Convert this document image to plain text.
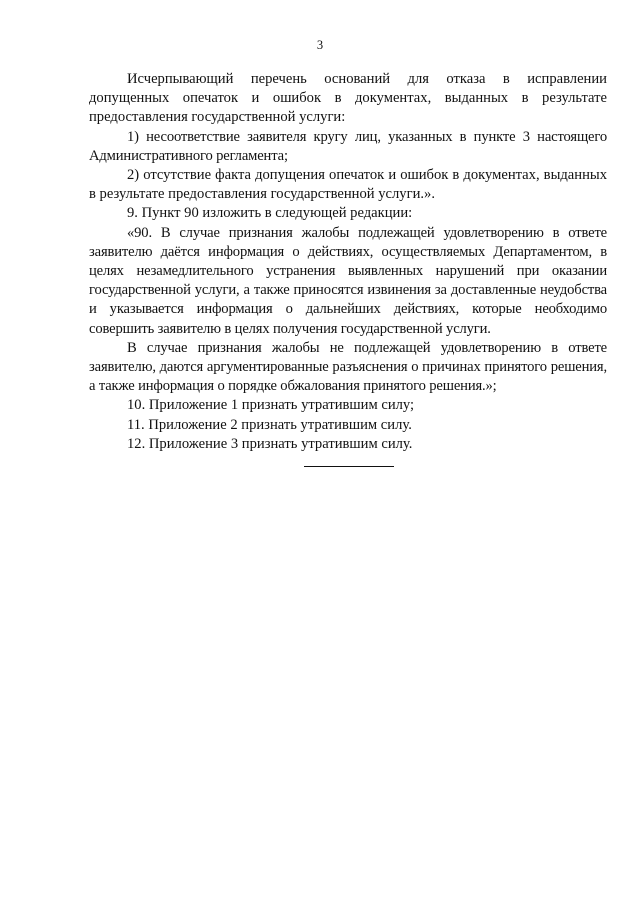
3

Исчерпывающий перечень оснований для отказа в исправлении допущенных опечаток и ошибок в документах, выданных в результате предоставления государственной услуги:

1) несоответствие заявителя кругу лиц, указанных в пункте 3 настоящего Административного регламента;

2) отсутствие факта допущения опечаток и ошибок в документах, выданных в результате предоставления государственной услуги.».

9. Пункт 90 изложить в следующей редакции:

«90. В случае признания жалобы подлежащей удовлетворению в ответе заявителю даётся информация о действиях, осуществляемых Департаментом, в целях незамедлительного устранения выявленных нарушений при оказании государственной услуги, а также приносятся извинения за доставленные неудобства и указывается информация о дальнейших действиях, которые необходимо совершить заявителю в целях получения государственной услуги.

В случае признания жалобы не подлежащей удовлетворению в ответе заявителю, даются аргументированные разъяснения о причинах принятого решения, а также информация о порядке обжалования принятого решения.»;

10. Приложение 1 признать утратившим силу;

11. Приложение 2 признать утратившим силу.

12. Приложение 3 признать утратившим силу.
